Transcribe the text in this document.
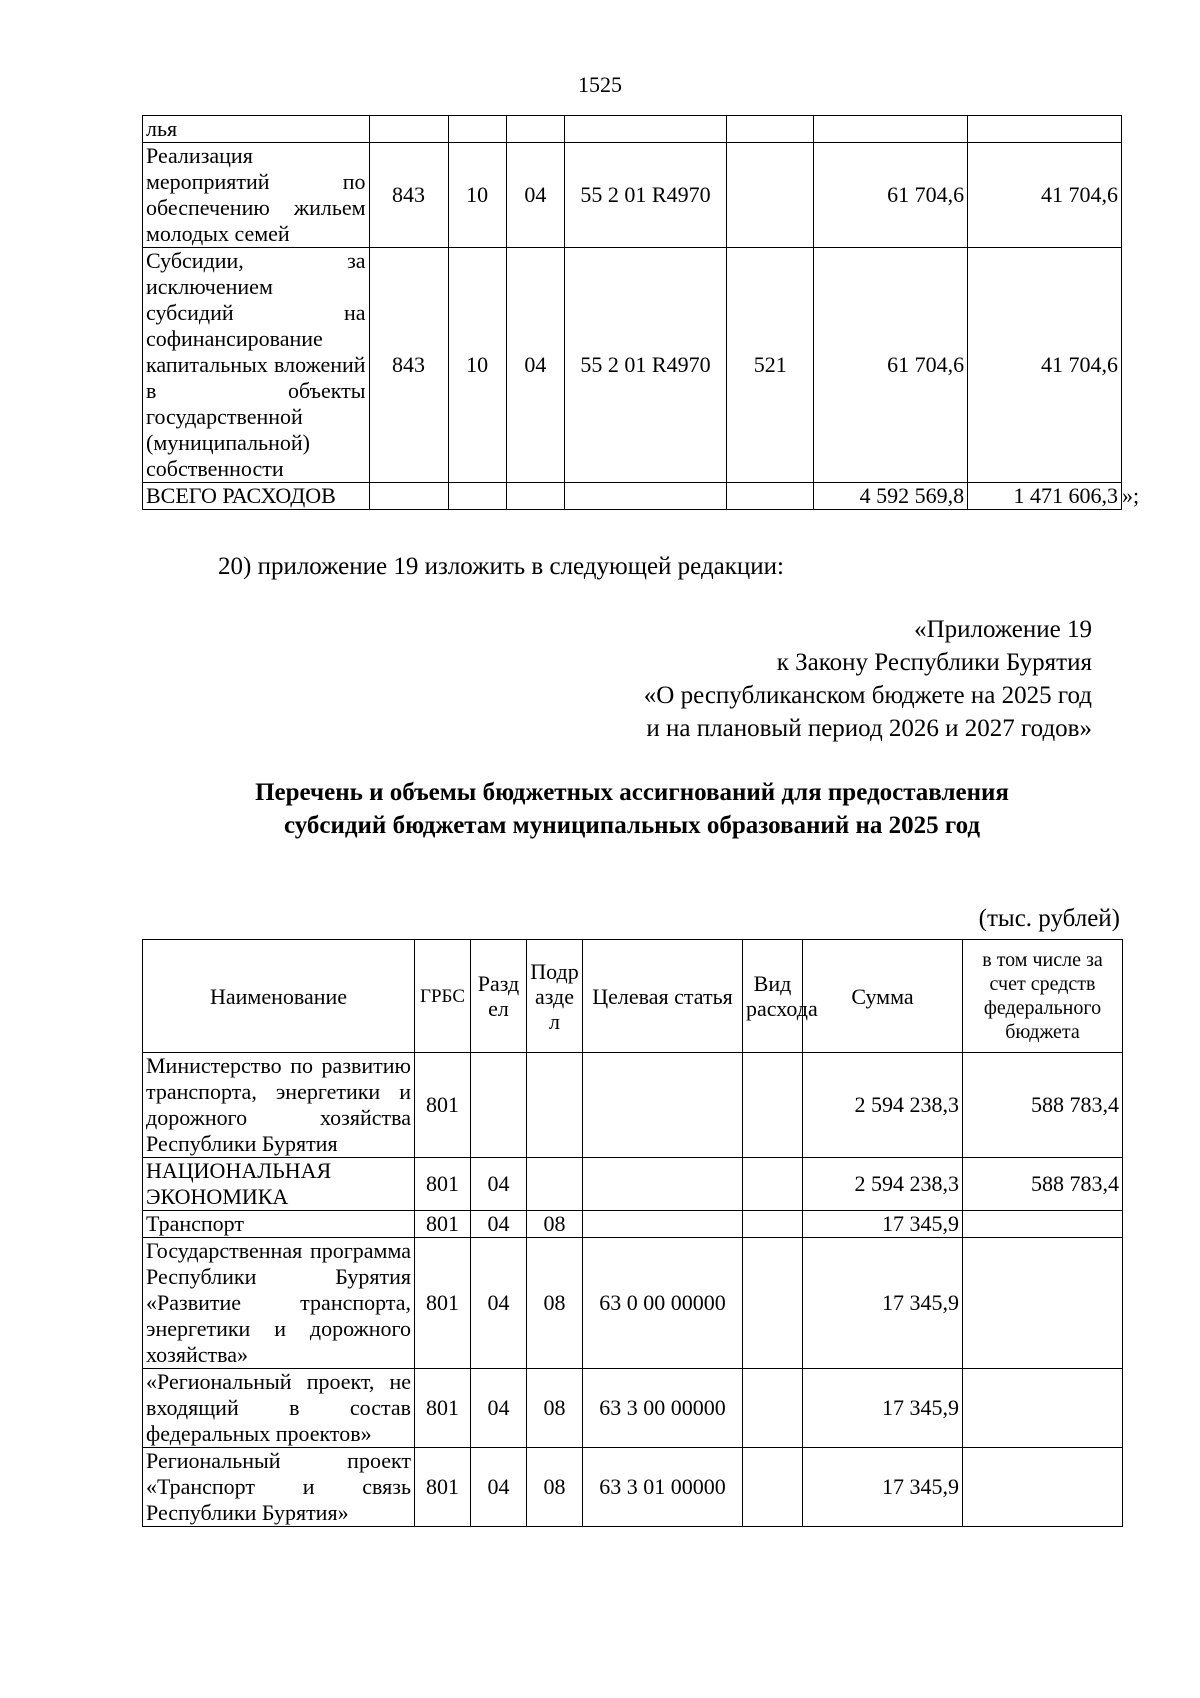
1525
лья							
Реализация мероприятий по обеспечению жильем молодых семей	843	10	04	55 2 01 R4970		61 704,6	41 704,6
Субсидии, за исключением субсидий на софинансирование капитальных вложений в объекты государственной (муниципальной) собственности	843	10	04	55 2 01 R4970	521	61 704,6	41 704,6
ВСЕГО РАСХОДОВ						4 592 569,8	1 471 606,3 »;
20) приложение 19 изложить в следующей редакции:
«Приложение 19
к Закону Республики Бурятия
«О республиканском бюджете на 2025 год
и на плановый период 2026 и 2027 годов»
Перечень и объемы бюджетных ассигнований для предоставления
субсидий бюджетам муниципальных образований на 2025 год
(тыс. рублей)
Наименование	ГРБС	Раздел	Подраздел	Целевая статья	Вид расхода	Сумма	в том числе за счет средств федерального бюджета
Министерство по развитию транспорта, энергетики и дорожного хозяйства Республики Бурятия	801					2 594 238,3	588 783,4
НАЦИОНАЛЬНАЯ ЭКОНОМИКА	801	04				2 594 238,3	588 783,4
Транспорт	801	04	08			17 345,9	
Государственная программа Республики Бурятия «Развитие транспорта, энергетики и дорожного хозяйства»	801	04	08	63 0 00 00000		17 345,9	
«Региональный проект, не входящий в состав федеральных проектов»	801	04	08	63 3 00 00000		17 345,9	
Региональный проект «Транспорт и связь Республики Бурятия»	801	04	08	63 3 01 00000		17 345,9	
